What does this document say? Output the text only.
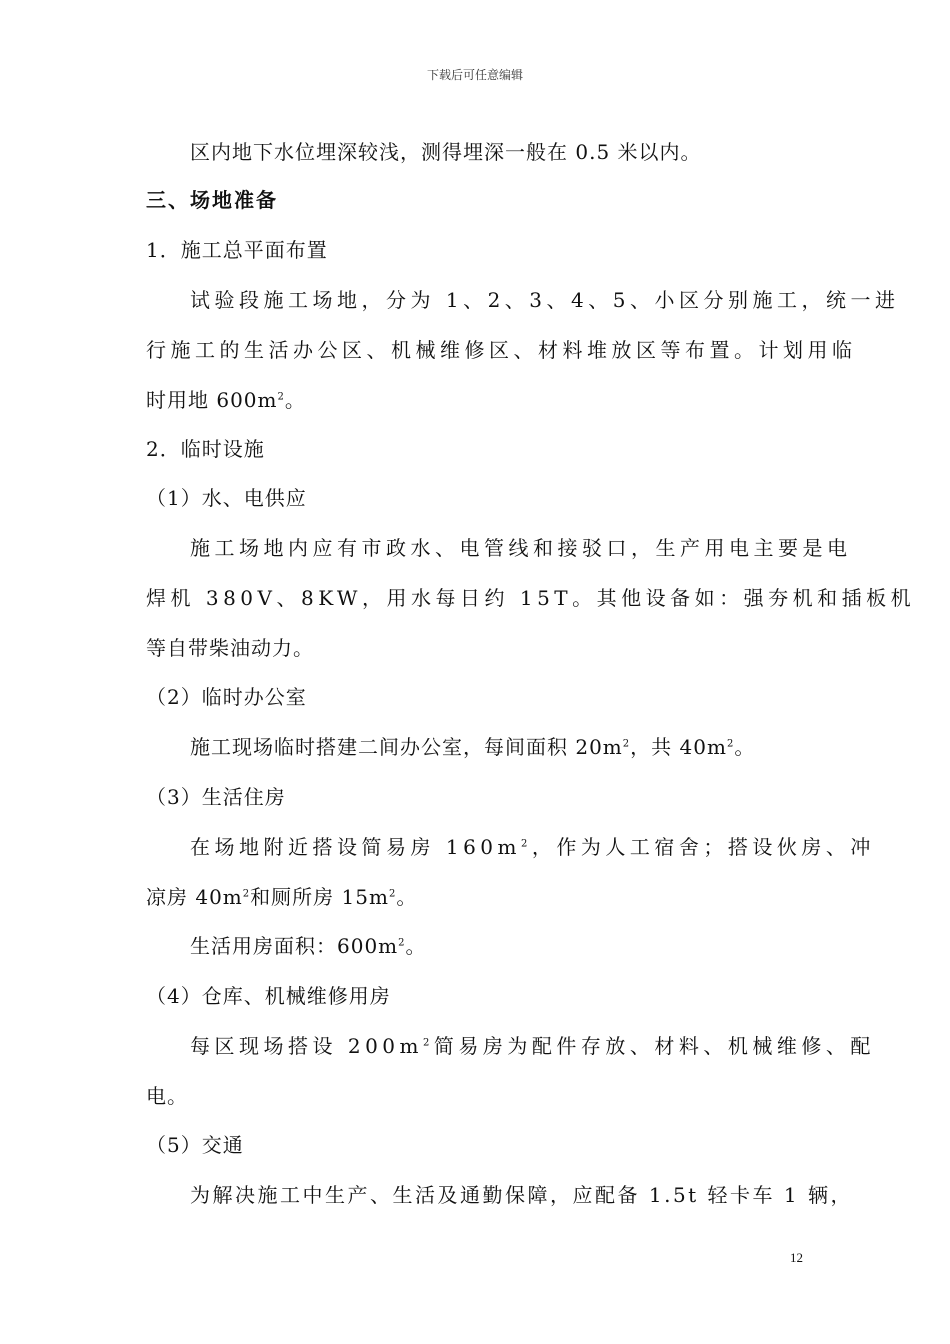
下载后可任意编辑
区内地下水位埋深较浅，测得埋深一般在 0.5 米以内。
三、场地准备
1．施工总平面布置
试验段施工场地，分为 1、2、3、4、5、小区分别施工，统一进
行施工的生活办公区、机械维修区、材料堆放区等布置。计划用临
时用地 $600m^2$。
2．临时设施
（1）水、电供应
施工场地内应有市政水、电管线和接驳口，生产用电主要是电
焊机 380V、8KW，用水每日约 15T。其他设备如：强夯机和插板机
等自带柴油动力。
（2）临时办公室
施工现场临时搭建二间办公室，每间面积 $20m^2$，共 $40m^2$。
（3）生活住房
在场地附近搭设简易房 $160m^2$，作为人工宿舍；搭设伙房、冲
凉房 $40m^2$和厕所房 $15m^2$。
生活用房面积：$600m^2$。
（4）仓库、机械维修用房
每区现场搭设 $200m^2$简易房为配件存放、材料、机械维修、配
电。
（5）交通
为解决施工中生产、生活及通勤保障，应配备 1.5t 轻卡车 1 辆，
12
